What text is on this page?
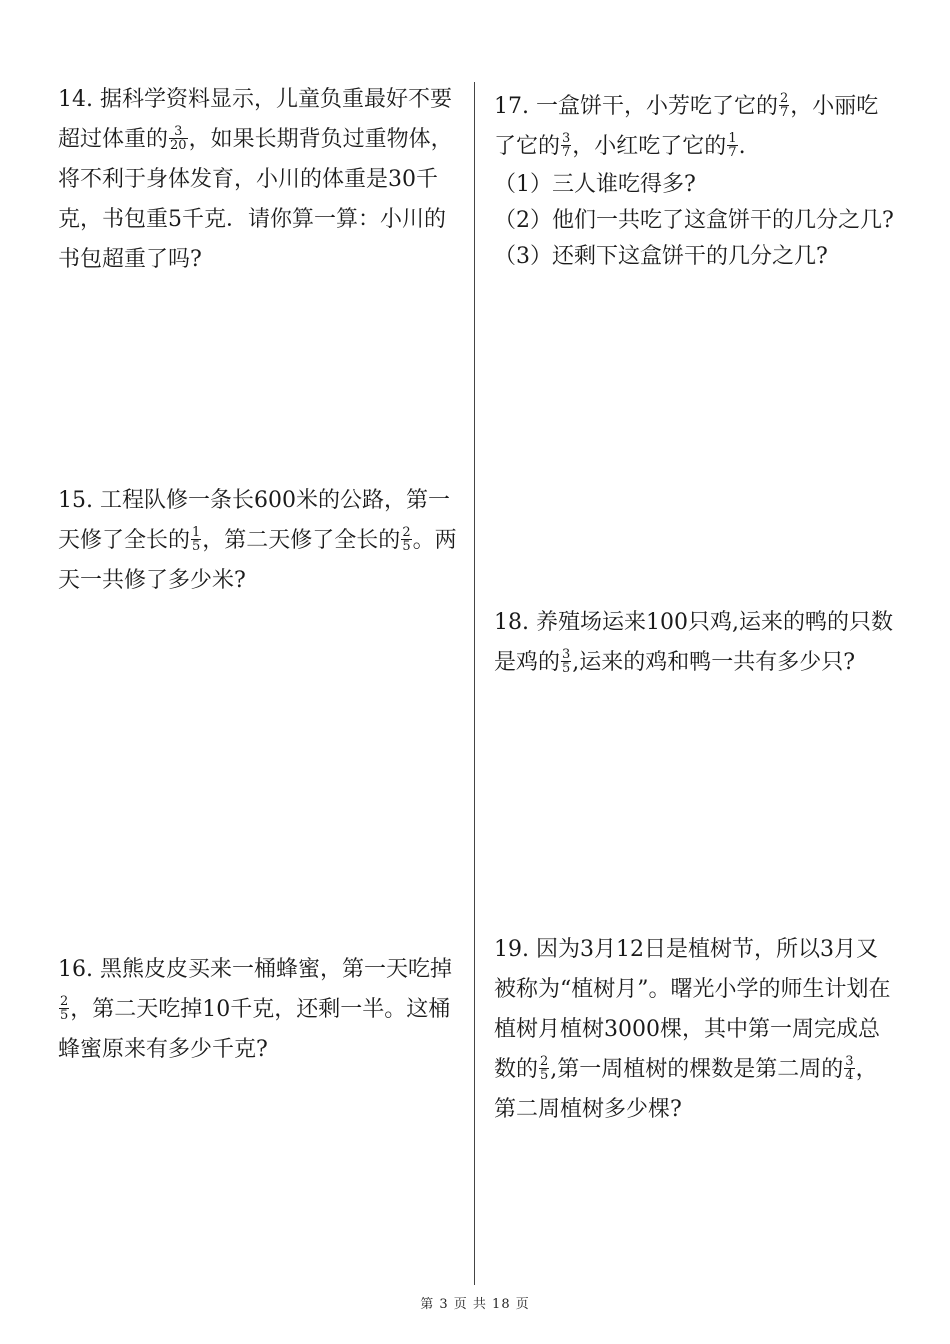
14. 据科学资料显示，儿童负重最好不要超过体重的 $\frac{3}{20}$ ，如果长期背负过重物体，将不利于身体发育，小川的体重是30千克，书包重5千克．请你算一算：小川的书包超重了吗?

15. 工程队修一条长600米的公路，第一天修了全长的 $\frac{1}{5}$ ，第二天修了全长的 $\frac{2}{5}$ 。两天一共修了多少米?

16. 黑熊皮皮买来一桶蜂蜜，第一天吃掉
$\frac{2}{5}$ ，第二天吃掉10千克，还剩一半。这桶蜂蜜原来有多少千克?

17. 一盒饼干，小芳吃了它的 $\frac{2}{7}$ ，小丽吃了它的 $\frac{3}{7}$ ，小红吃了它的 $\frac{1}{7}$ .

（1）三人谁吃得多?

（2）他们一共吃了这盒饼干的几分之几?

（3）还剩下这盒饼干的几分之几?

18. 养殖场运来100只鸡,运来的鸭的只数是鸡的 $\frac{3}{5}$ ,运来的鸡和鸭一共有多少只?

19. 因为3月12日是植树节，所以3月又被称为“植树月”。曙光小学的师生计划在植树月植树3000棵，其中第一周完成总数的 $\frac{2}{5}$ ,第一周植树的棵数是第二周的 $\frac{3}{4}$ ，第二周植树多少棵?

第 3 页 共 18 页
